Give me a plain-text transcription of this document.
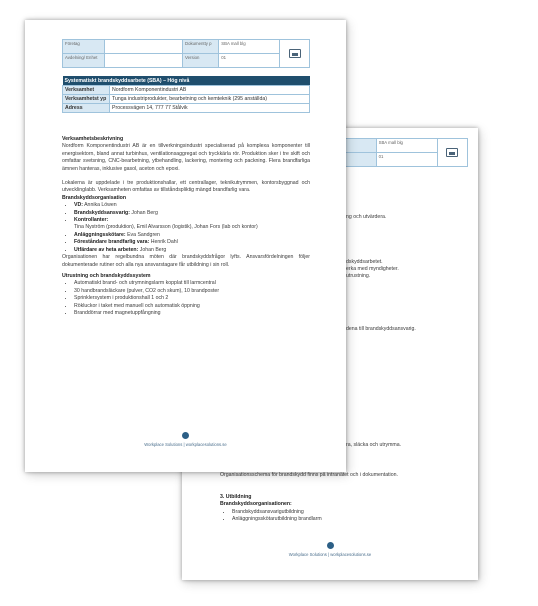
	SBA mall blg	
	01	
ng och utvärdera.
dskyddsarbetet.
erka med myndigheter.
utrustning.
dena till brandskyddsansvarig.
ra, släcka och utrymma.
Organisationsschema för brandskydd finns på intranätet och i dokumentation.
3. Utbildning
Brandskyddsorganisationen:
• Brandskyddsansvarigutbildning
• Anläggningsskötarutbildning brandlarm
Workplace Solutions | workplacesolutions.se
Företag		Dokumentty p	SBA mall blg	
Avdelning/ Enhet		Version	01	
Systematiskt brandskyddsarbete (SBA) – Hög nivå	
Verksamhet	Nordform Komponentindustri AB
Verksamhetst yp	Tunga industriprodukter, bearbetning och kemteknik (295 anställda)
Adress	Processvägen 14, 777 77 Stålvik
Verksamhetsbeskrivning

Nordform Komponentindustri AB är en tillverkningsindustri specialiserad på komplexa komponenter till energisektorn, bland annat turbinhus, ventilationsaggregat och tryckkärla rör. Produktion sker i tre skift och omfattar svetsning, CNC-bearbetning, ytbehandling, lackering, montering och packning. Flera brandfarliga ämnen hanteras, inklusive gasol, aceton och epoxi.

Lokalerna är uppdelade i tre produktionshallar, ett centrallager, teknikutrymmen, kontorsbyggnad och utvecklinglabb. Verksamheten omfattas av tillståndspliktig mängd brandfarlig vara.

Brandskyddsorganisation
• VD: Annika Löwen
• Brandskyddsansvarig: Johan Berg
• Kontrollanter:
Tina Nyström (produktion), Emil Alvarsson (logistik), Johan Fors (lab och kontor)
• Anläggningsskötare: Eva Sandgren
• Föreståndare brandfarlig vara: Henrik Dahl
• Utfärdare av heta arbeten: Johan Berg

Organisationen har regelbundna möten där brandskyddsfrågor lyfts. Ansvarsfördelningen följer dokumenterade rutiner och alla nya ansvarstagare får utbildning i sin roll.

Utrustning och brandskyddssystem
• Automatiskt brand- och utrymningslarm kopplat till larmcentral
• 30 handbrandsläckare (pulver, CO2 och skum), 10 brandposter
• Sprinklersystem i produktionshall 1 och 2
• Rökluckor i taket med manuell och automatisk öppning
• Branddörrar med magnetuppfångning
Workplace Solutions | workplacesolutions.se
